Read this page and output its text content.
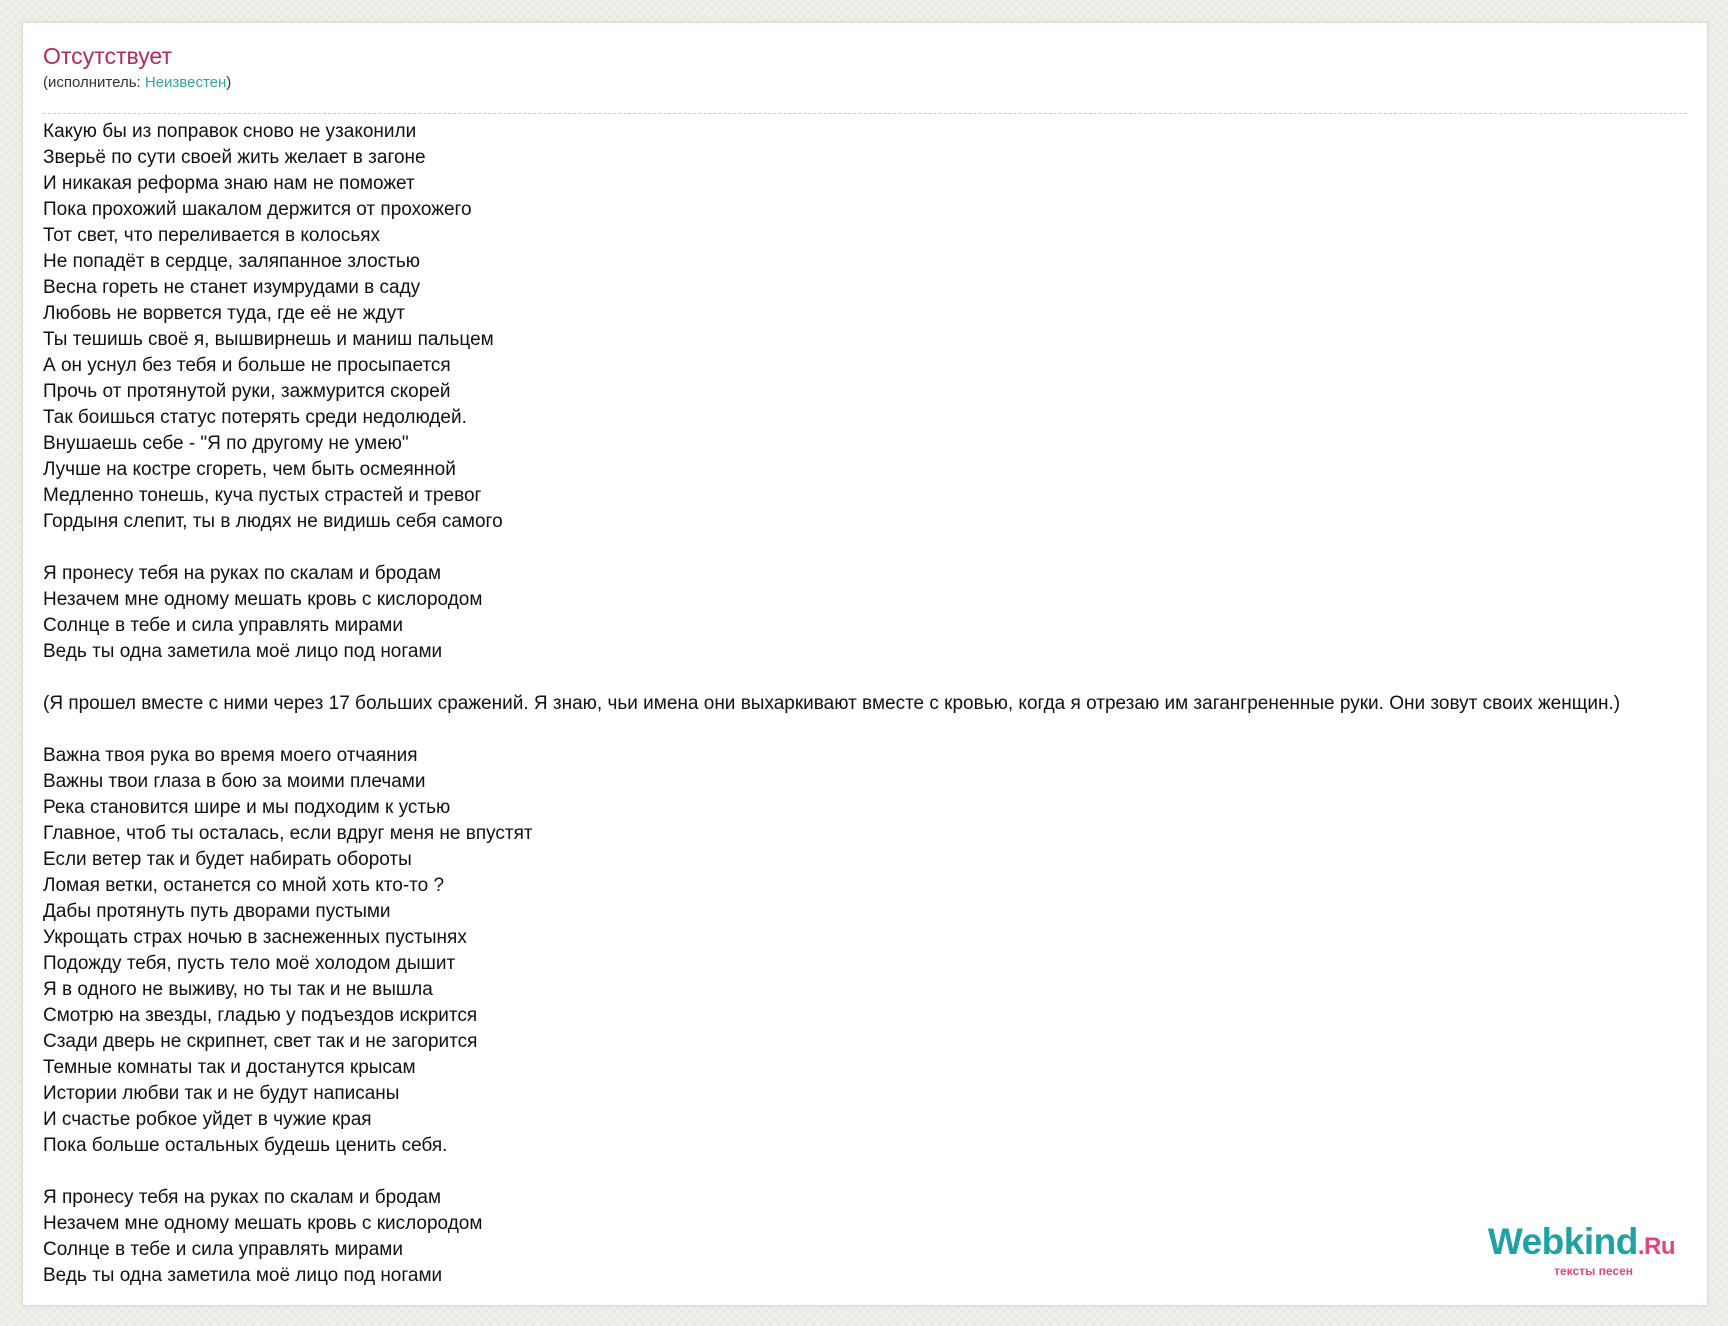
Отсутствует
(исполнитель: Неизвестен)
Какую бы из поправок сново не узаконили
Зверьё по сути своей жить желает в загоне
И никакая реформа знаю нам не поможет
Пока прохожий шакалом держится от прохожего
Тот свет, что переливается в колосьях
Не попадёт в сердце, заляпанное злостью
Весна гореть не станет изумрудами в саду
Любовь не ворвется туда, где её не ждут
Ты тешишь своё я, вышвирнешь и маниш пальцем
А он уснул без тебя и больше не просыпается
Прочь от протянутой руки, зажмурится скорей
Так боишься статус потерять среди недолюдей.
Внушаешь себе - "Я по другому не умею"
Лучше на костре сгореть, чем быть осмеянной
Медленно тонешь, куча пустых страстей и тревог
Гордыня слепит, ты в людях не видишь себя самого
Я пронесу тебя на руках по скалам и бродам
Незачем мне одному мешать кровь с кислородом
Солнце в тебе и сила управлять мирами
Ведь ты одна заметила моё лицо под ногами
(Я прошел вместе с ними через 17 больших сражений. Я знаю, чьи имена они выхаркивают вместе с кровью, когда я отрезаю им загангрененные руки. Они зовут своих женщин.)
Важна твоя рука во время моего отчаяния
Важны твои глаза в бою за моими плечами
Река становится шире и мы подходим к устью
Главное, чтоб ты осталась, если вдруг меня не впустят
Если ветер так и будет набирать обороты
Ломая ветки, останется со мной хоть кто-то ?
Дабы протянуть путь дворами пустыми
Укрощать страх ночью в заснеженных пустынях
Подожду тебя, пусть тело моё холодом дышит
Я в одного не выживу, но ты так и не вышла
Смотрю на звезды, гладью у подъездов искрится
Сзади дверь не скрипнет, свет так и не загорится
Темные комнаты так и достанутся крысам
Истории любви так и не будут написаны
И счастье робкое уйдет в чужие края
Пока больше остальных будешь ценить себя.
Я пронесу тебя на руках по скалам и бродам
Незачем мне одному мешать кровь с кислородом
Солнце в тебе и сила управлять мирами
Ведь ты одна заметила моё лицо под ногами
Webkind.Ru
тексты песен
